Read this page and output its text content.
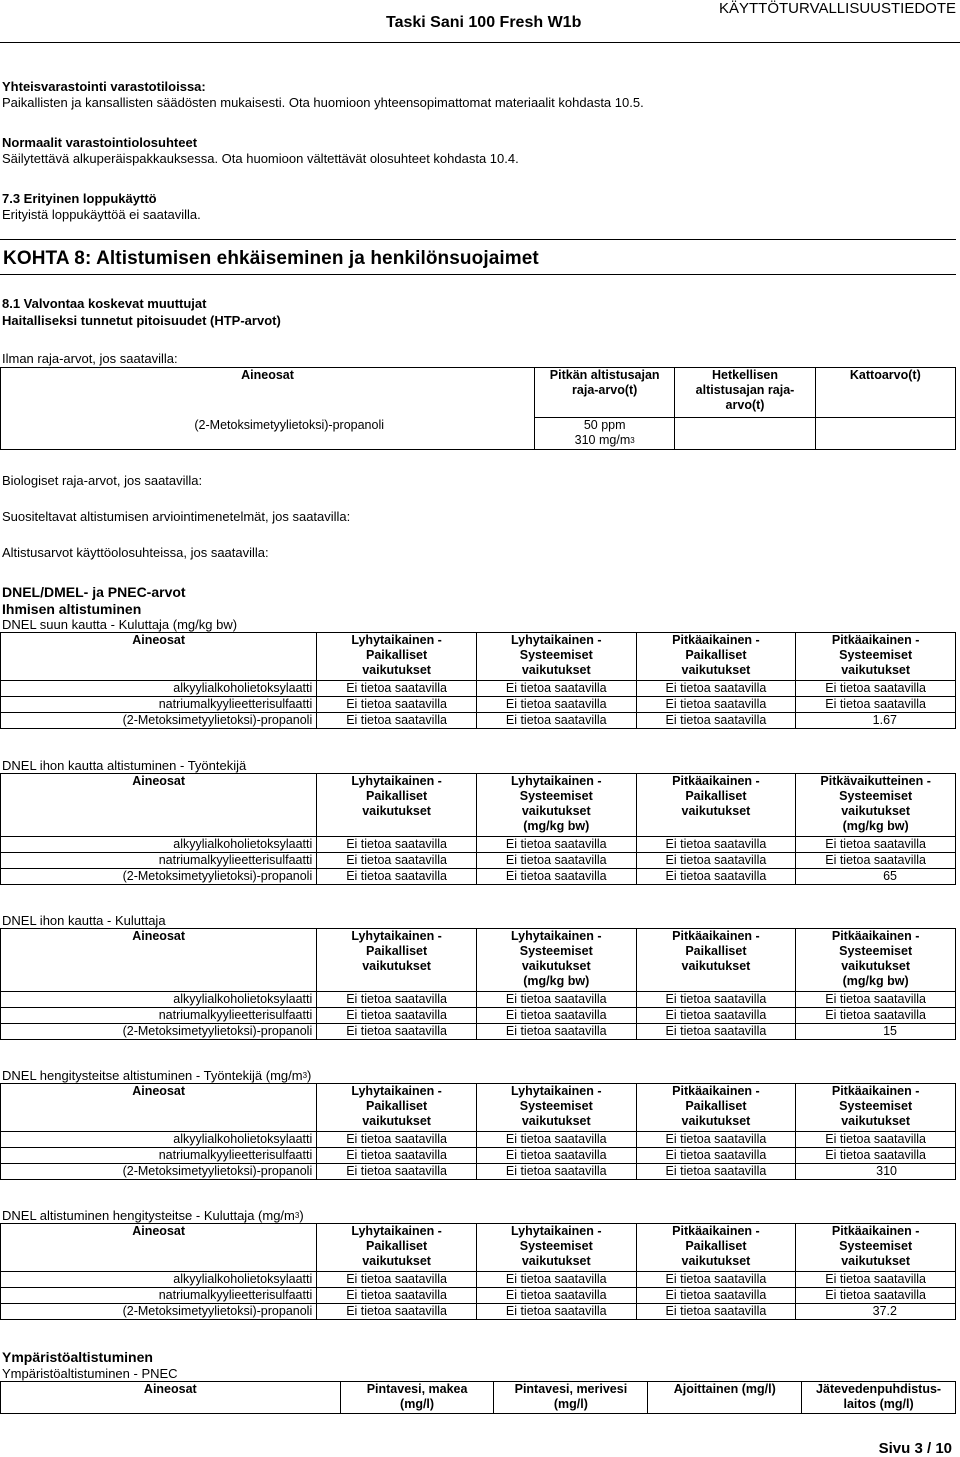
Taski Sani 100 Fresh W1b
KÄYTTÖTURVALLISUUSTIEDOTE
Yhteisvarastointi varastotiloissa:
Paikallisten ja kansallisten säädösten mukaisesti. Ota huomioon yhteensopimattomat materiaalit kohdasta 10.5.
Normaalit varastointiolosuhteet
Säilytettävä alkuperäispakkauksessa. Ota huomioon vältettävät olosuhteet kohdasta 10.4.
7.3 Erityinen loppukäyttö
Erityistä loppukäyttöä ei saatavilla.
KOHTA 8: Altistumisen ehkäiseminen ja henkilönsuojaimet
8.1 Valvontaa koskevat muuttujat
Haitalliseksi tunnetut pitoisuudet (HTP-arvot)
Ilman raja-arvot, jos saatavilla:
Aineosat	Pitkän altistusajan raja-arvo(t)	Hetkellisen altistusajan raja-arvo(t)	Kattoarvo(t)
(2-Metoksimetyylietoksi)-propanoli	50 ppm
310 $mg/m^3$

Biologiset raja-arvot, jos saatavilla:
Suositeltavat altistumisen arviointimenetelmät, jos saatavilla:
Altistusarvot käyttöolosuhteissa, jos saatavilla:
DNEL/DMEL- ja PNEC-arvot
Ihmisen altistuminen
DNEL suun kautta - Kuluttaja (mg/kg bw)
Aineosat	Lyhytaikainen -
Paikalliset
vaikutukset	Lyhytaikainen -
Systeemiset
vaikutukset	Pitkäaikainen -
Paikalliset
vaikutukset	Pitkäaikainen -
Systeemiset
vaikutukset
alkyylialkoholietoksylaatti	Ei tietoa saatavilla	Ei tietoa saatavilla	Ei tietoa saatavilla	Ei tietoa saatavilla
natriumalkyylieetterisulfaatti	Ei tietoa saatavilla	Ei tietoa saatavilla	Ei tietoa saatavilla	Ei tietoa saatavilla
(2-Metoksimetyylietoksi)-propanoli	Ei tietoa saatavilla	Ei tietoa saatavilla	Ei tietoa saatavilla	1.67
DNEL ihon kautta altistuminen - Työntekijä
Aineosat	Lyhytaikainen -
Paikalliset
vaikutukset	Lyhytaikainen -
Systeemiset
vaikutukset
(mg/kg bw)	Pitkäaikainen -
Paikalliset
vaikutukset	Pitkävaikutteinen -
Systeemiset
vaikutukset
(mg/kg bw)
alkyylialkoholietoksylaatti	Ei tietoa saatavilla	Ei tietoa saatavilla	Ei tietoa saatavilla	Ei tietoa saatavilla
natriumalkyylieetterisulfaatti	Ei tietoa saatavilla	Ei tietoa saatavilla	Ei tietoa saatavilla	Ei tietoa saatavilla
(2-Metoksimetyylietoksi)-propanoli	Ei tietoa saatavilla	Ei tietoa saatavilla	Ei tietoa saatavilla	65
DNEL ihon kautta - Kuluttaja
Aineosat	Lyhytaikainen -
Paikalliset
vaikutukset	Lyhytaikainen -
Systeemiset
vaikutukset
(mg/kg bw)	Pitkäaikainen -
Paikalliset
vaikutukset	Pitkäaikainen -
Systeemiset
vaikutukset
(mg/kg bw)
alkyylialkoholietoksylaatti	Ei tietoa saatavilla	Ei tietoa saatavilla	Ei tietoa saatavilla	Ei tietoa saatavilla
natriumalkyylieetterisulfaatti	Ei tietoa saatavilla	Ei tietoa saatavilla	Ei tietoa saatavilla	Ei tietoa saatavilla
(2-Metoksimetyylietoksi)-propanoli	Ei tietoa saatavilla	Ei tietoa saatavilla	Ei tietoa saatavilla	15
DNEL hengitysteitse altistuminen - Työntekijä $(mg/m^3)$
Aineosat	Lyhytaikainen -
Paikalliset
vaikutukset	Lyhytaikainen -
Systeemiset
vaikutukset	Pitkäaikainen -
Paikalliset
vaikutukset	Pitkäaikainen -
Systeemiset
vaikutukset
alkyylialkoholietoksylaatti	Ei tietoa saatavilla	Ei tietoa saatavilla	Ei tietoa saatavilla	Ei tietoa saatavilla
natriumalkyylieetterisulfaatti	Ei tietoa saatavilla	Ei tietoa saatavilla	Ei tietoa saatavilla	Ei tietoa saatavilla
(2-Metoksimetyylietoksi)-propanoli	Ei tietoa saatavilla	Ei tietoa saatavilla	Ei tietoa saatavilla	310
DNEL altistuminen hengitysteitse - Kuluttaja $(mg/m^3)$
Aineosat	Lyhytaikainen -
Paikalliset
vaikutukset	Lyhytaikainen -
Systeemiset
vaikutukset	Pitkäaikainen -
Paikalliset
vaikutukset	Pitkäaikainen -
Systeemiset
vaikutukset
alkyylialkoholietoksylaatti	Ei tietoa saatavilla	Ei tietoa saatavilla	Ei tietoa saatavilla	Ei tietoa saatavilla
natriumalkyylieetterisulfaatti	Ei tietoa saatavilla	Ei tietoa saatavilla	Ei tietoa saatavilla	Ei tietoa saatavilla
(2-Metoksimetyylietoksi)-propanoli	Ei tietoa saatavilla	Ei tietoa saatavilla	Ei tietoa saatavilla	37.2
Ympäristöaltistuminen
Ympäristöaltistuminen - PNEC
Aineosat	Pintavesi, makea
(mg/l)	Pintavesi, merivesi
(mg/l)	Ajoittainen (mg/l)	Jätevedenpuhdistus-
laitos (mg/l)
Sivu 3 / 10
